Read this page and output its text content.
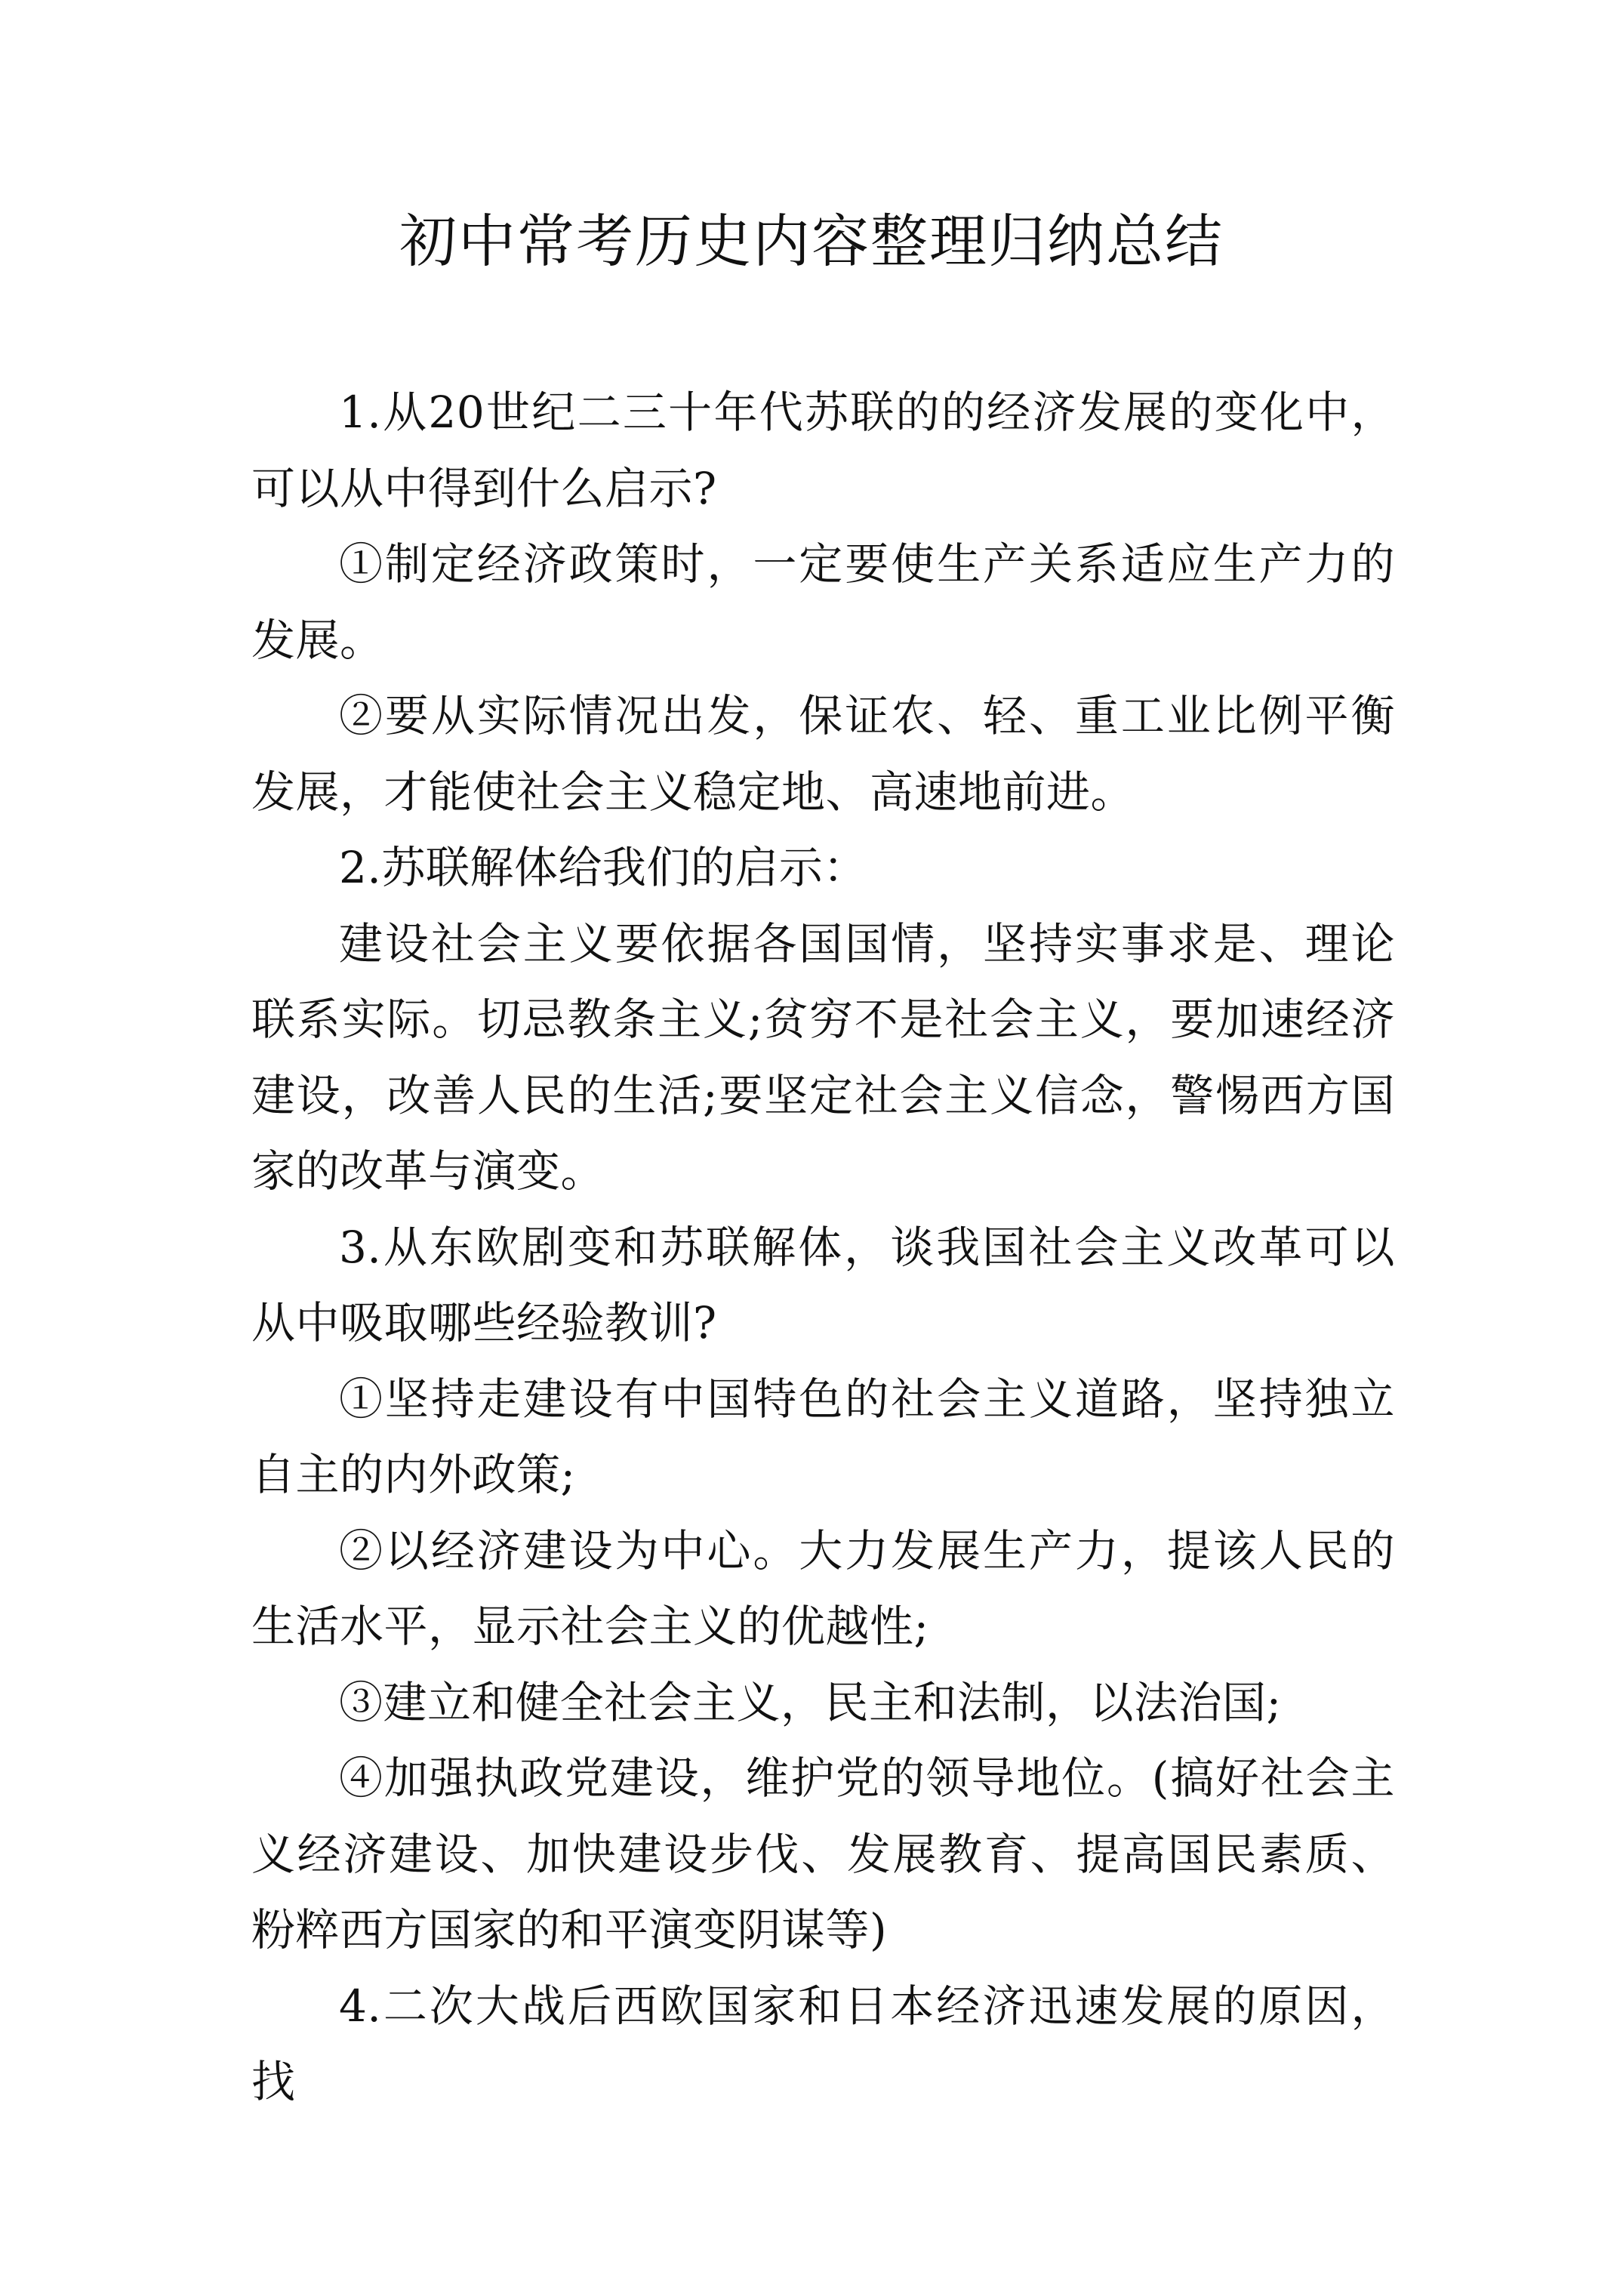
初中常考历史内容整理归纳总结

1.从20世纪二三十年代苏联的的经济发展的变化中，可以从中得到什么启示?

①制定经济政策时，一定要使生产关系适应生产力的发展。

②要从实际情况出发，保证农、轻、重工业比例平衡发展，才能使社会主义稳定地、高速地前进。

2.苏联解体给我们的启示：

建设社会主义要依据各国国情，坚持实事求是、理论联系实际。切忌教条主义;贫穷不是社会主义，要加速经济建设，改善人民的生活;要坚定社会主义信念，警惕西方国家的改革与演变。

3.从东欧剧变和苏联解体，谈我国社会主义改革可以从中吸取哪些经验教训?

①坚持走建设有中国特色的社会主义道路，坚持独立自主的内外政策;

②以经济建设为中心。大力发展生产力，提该人民的生活水平，显示社会主义的优越性;

③建立和健全社会主义，民主和法制，以法治国;

④加强执政党建设，维护党的领导地位。(搞好社会主义经济建设、加快建设步伐、发展教育、提高国民素质、粉粹西方国家的和平演变阴谋等)

4.二次大战后西欧国家和日本经济迅速发展的原因，找
